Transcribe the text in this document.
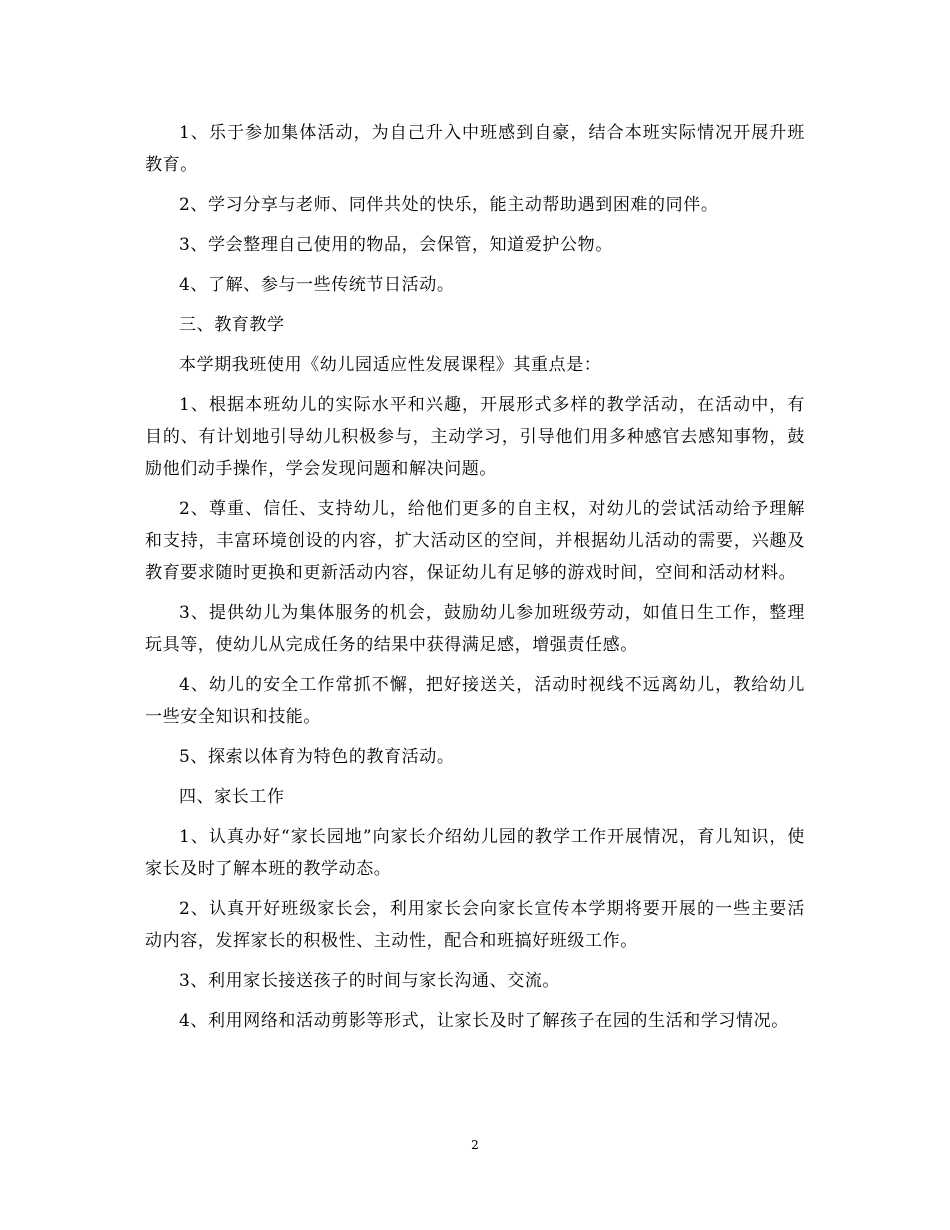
1、乐于参加集体活动，为自己升入中班感到自豪，结合本班实际情况开展升班教育。

2、学习分享与老师、同伴共处的快乐，能主动帮助遇到困难的同伴。

3、学会整理自己使用的物品，会保管，知道爱护公物。

4、了解、参与一些传统节日活动。

三、教育教学

本学期我班使用《幼儿园适应性发展课程》其重点是：

1、根据本班幼儿的实际水平和兴趣，开展形式多样的教学活动，在活动中，有目的、有计划地引导幼儿积极参与，主动学习，引导他们用多种感官去感知事物，鼓励他们动手操作，学会发现问题和解决问题。

2、尊重、信任、支持幼儿，给他们更多的自主权，对幼儿的尝试活动给予理解和支持，丰富环境创设的内容，扩大活动区的空间，并根据幼儿活动的需要，兴趣及教育要求随时更换和更新活动内容，保证幼儿有足够的游戏时间，空间和活动材料。

3、提供幼儿为集体服务的机会，鼓励幼儿参加班级劳动，如值日生工作，整理玩具等，使幼儿从完成任务的结果中获得满足感，增强责任感。

4、幼儿的安全工作常抓不懈，把好接送关，活动时视线不远离幼儿，教给幼儿一些安全知识和技能。

5、探索以体育为特色的教育活动。

四、家长工作

1、认真办好“家长园地”向家长介绍幼儿园的教学工作开展情况，育儿知识，使家长及时了解本班的教学动态。

2、认真开好班级家长会，利用家长会向家长宣传本学期将要开展的一些主要活动内容，发挥家长的积极性、主动性，配合和班搞好班级工作。

3、利用家长接送孩子的时间与家长沟通、交流。

4、利用网络和活动剪影等形式，让家长及时了解孩子在园的生活和学习情况。

2
